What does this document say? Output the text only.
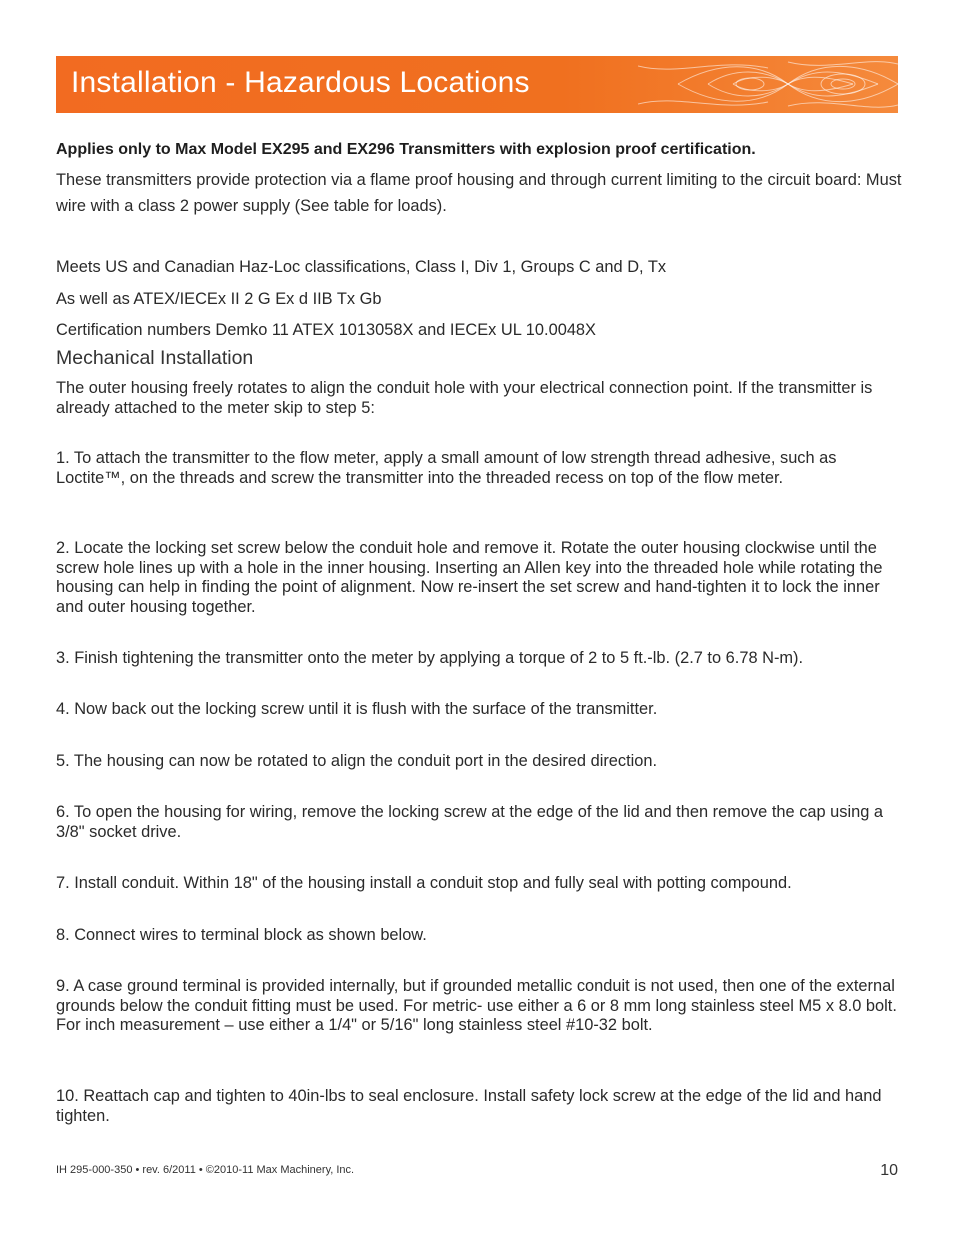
Installation - Hazardous Locations

Applies only to Max Model EX295 and EX296 Transmitters with explosion proof certification.

These transmitters provide protection via a flame proof housing and through current limiting to the circuit board: Must wire with a class 2 power supply (See table for loads).

Meets US and Canadian Haz-Loc classifications, Class I, Div 1, Groups C and D, Tx

As well as ATEX/IECEx II 2 G Ex d IIB Tx Gb

Certification numbers Demko 11 ATEX 1013058X and IECEx UL 10.0048X

Mechanical Installation

The outer housing freely rotates to align the conduit hole with your electrical connection point. If the transmitter is already attached to the meter skip to step 5:

1. To attach the transmitter to the flow meter, apply a small amount of low strength thread adhesive, such as Loctite™, on the threads and screw the transmitter into the threaded recess on top of the flow meter.

2. Locate the locking set screw below the conduit hole and remove it. Rotate the outer housing clockwise until the screw hole lines up with a hole in the inner housing. Inserting an Allen key into the threaded hole while rotating the housing can help in finding the point of alignment. Now re-insert the set screw and hand-tighten it to lock the inner and outer housing together.

3. Finish tightening the transmitter onto the meter by applying a torque of 2 to 5 ft.-lb. (2.7 to 6.78 N-m).

4. Now back out the locking screw until it is flush with the surface of the transmitter.

5. The housing can now be rotated to align the conduit port in the desired direction.

6. To open the housing for wiring, remove the locking screw at the edge of the lid and then remove the cap using a 3/8" socket drive.

7. Install conduit. Within 18" of the housing install a conduit stop and fully seal with potting compound.

8. Connect wires to terminal block as shown below.

9. A case ground terminal is provided internally, but if grounded metallic conduit is not used, then one of the external grounds below the conduit fitting must be used. For metric- use either a 6 or 8 mm long stainless steel M5 x 8.0 bolt. For inch measurement – use either a 1/4" or 5/16" long stainless steel #10-32 bolt.

10. Reattach cap and tighten to 40in-lbs to seal enclosure. Install safety lock screw at the edge of the lid and hand tighten.

IH 295-000-350 • rev. 6/2011 • ©2010-11 Max Machinery, Inc.	10
